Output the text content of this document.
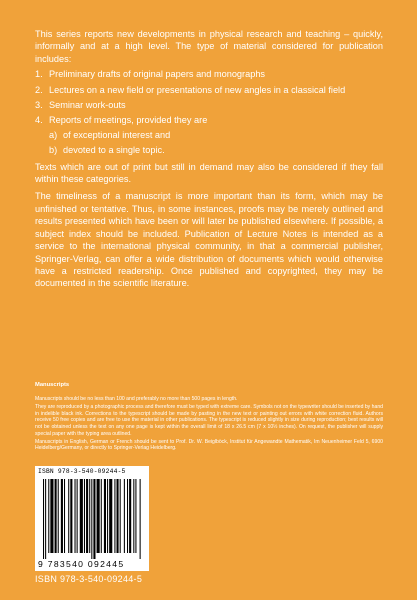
This series reports new developments in physical research and teaching – quickly, informally and at a high level. The type of material considered for publication includes:

1. Preliminary drafts of original papers and monographs
2. Lectures on a new field or presentations of new angles in a classical field
3. Seminar work-outs
4. Reports of meetings, provided they are
a) of exceptional interest and
b) devoted to a single topic.

Texts which are out of print but still in demand may also be considered if they fall within these categories.

The timeliness of a manuscript is more important than its form, which may be unfinished or tentative. Thus, in some instances, proofs may be merely outlined and results presented which have been or will later be published elsewhere. If possible, a subject index should be included. Publication of Lecture Notes is intended as a service to the international physical community, in that a commercial publisher, Springer-Verlag, can offer a wide distribution of documents which would otherwise have a restricted readership. Once published and copyrighted, they may be documented in the scientific literature.

Manuscripts

Manuscripts should be no less than 100 and preferably no more than 500 pages in length.

They are reproduced by a photographic process and therefore must be typed with extreme care. Symbols not on the typewriter should be inserted by hand in indelible black ink. Corrections to the typescript should be made by pasting in the new text or painting out errors with white correction fluid. Authors receive 50 free copies and are free to use the material in other publications. The typescript is reduced slightly in size during reproduction; best results will not be obtained unless the text on any one page is kept within the overall limit of 18 x 26.5 cm (7 x 10½ inches). On request, the publisher will supply special paper with the typing area outlined.

Manuscripts in English, German or French should be sent to Prof. Dr. W. Beiglböck, Institut für Angewandte Mathematik, Im Neuenheimer Feld 5, 6900 Heidelberg/Germany, or directly to Springer-Verlag Heidelberg.

ISBN 978-3-540-09244-5
9 783540 092445
ISBN 978-3-540-09244-5
